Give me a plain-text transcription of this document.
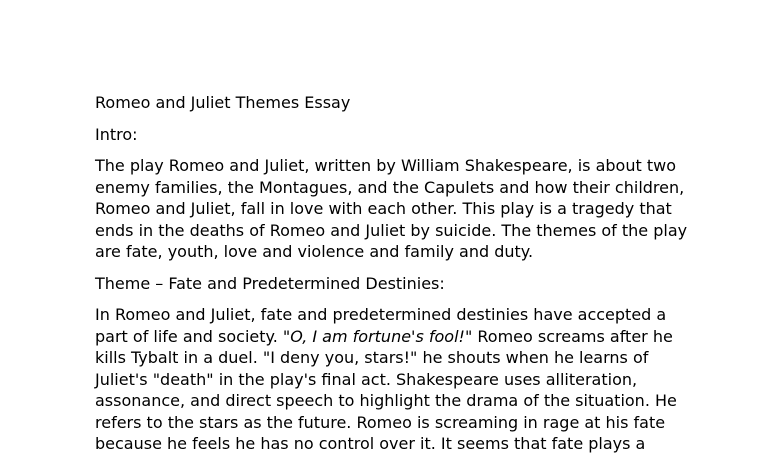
Romeo and Juliet Themes Essay

Intro:

The play Romeo and Juliet, written by William Shakespeare, is about two

enemy families, the Montagues, and the Capulets and how their children,

Romeo and Juliet, fall in love with each other. This play is a tragedy that

ends in the deaths of Romeo and Juliet by suicide. The themes of the play

are fate, youth, love and violence and family and duty.

Theme – Fate and Predetermined Destinies:

In Romeo and Juliet, fate and predetermined destinies have accepted a

part of life and society. "O, I am fortune's fool!" Romeo screams after he

kills Tybalt in a duel. "I deny you, stars!" he shouts when he learns of

Juliet's "death" in the play's final act. Shakespeare uses alliteration,

assonance, and direct speech to highlight the drama of the situation. He

refers to the stars as the future. Romeo is screaming in rage at his fate

because he feels he has no control over it. It seems that fate plays a
